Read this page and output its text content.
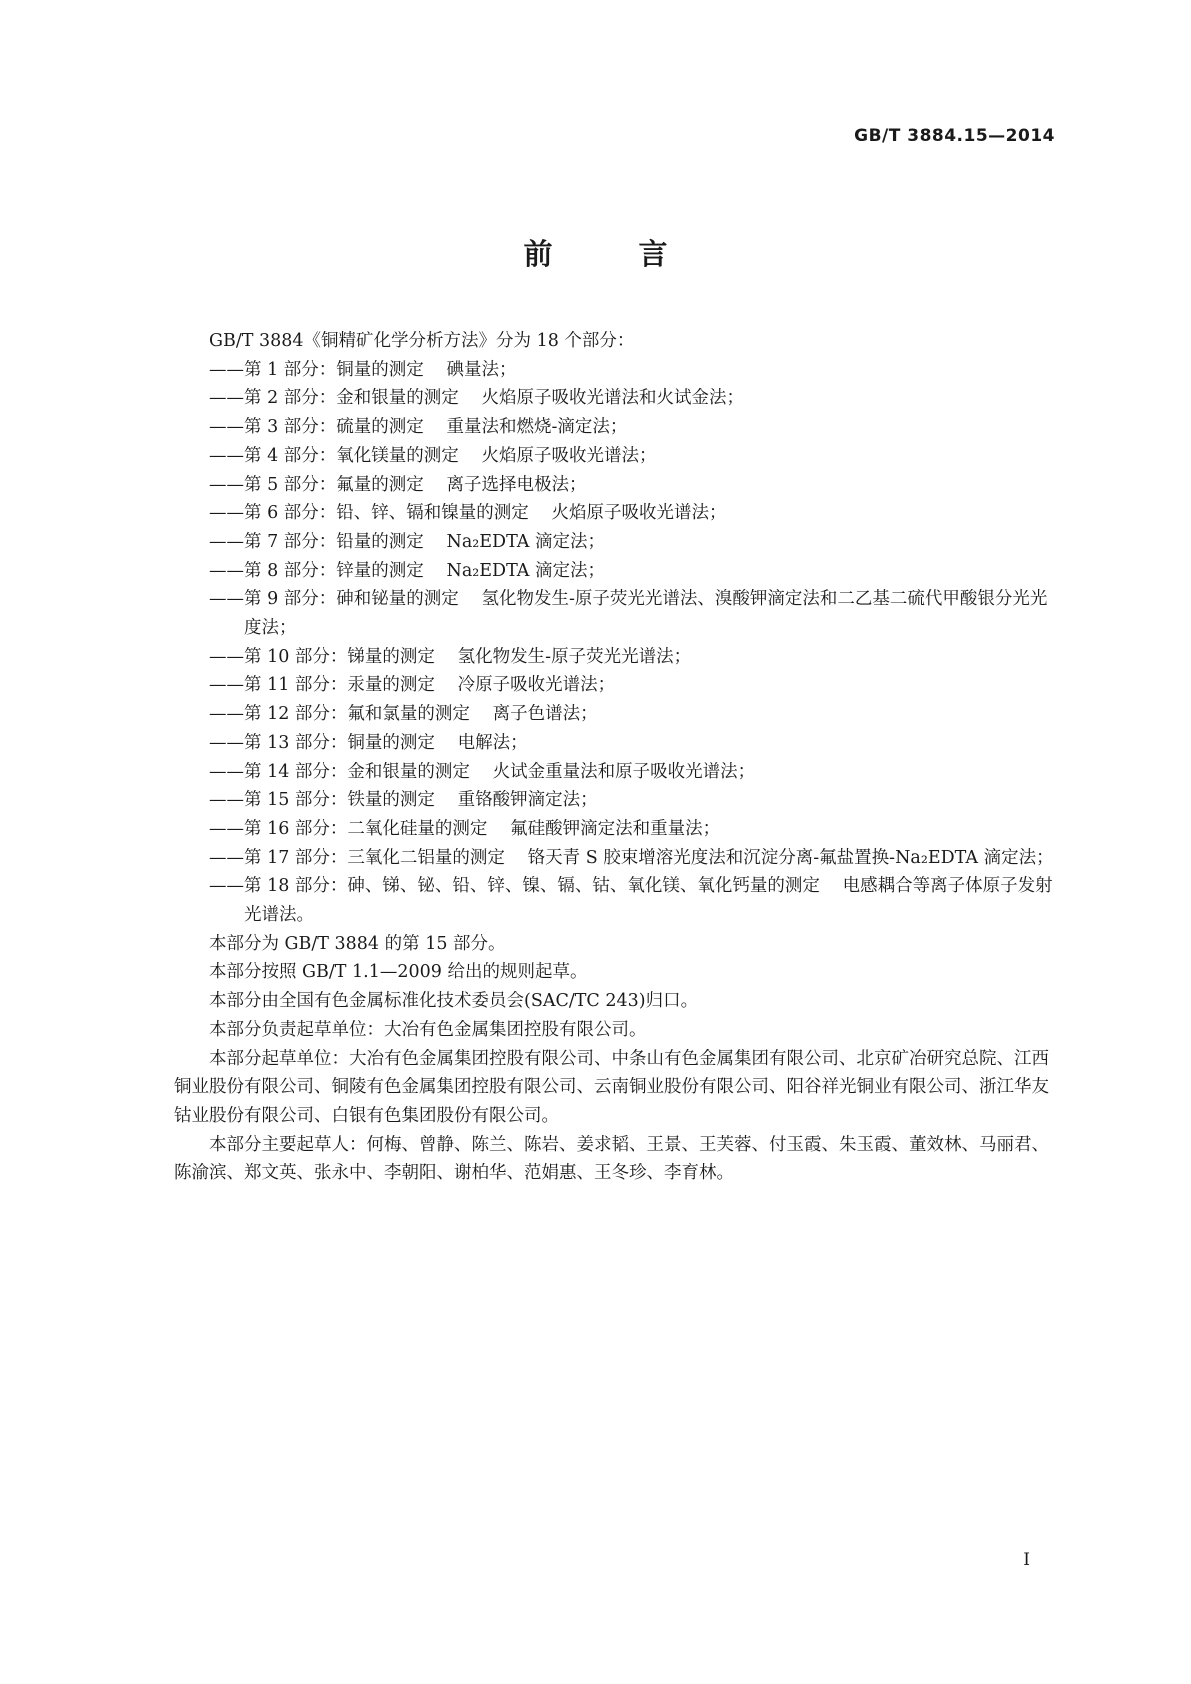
GB/T 3884.15—2014
前 言

GB/T 3884《铜精矿化学分析方法》分为 18 个部分：

——第 1 部分：铜量的测定 碘量法；
——第 2 部分：金和银量的测定 火焰原子吸收光谱法和火试金法；
——第 3 部分：硫量的测定 重量法和燃烧-滴定法；
——第 4 部分：氧化镁量的测定 火焰原子吸收光谱法；
——第 5 部分：氟量的测定 离子选择电极法；
——第 6 部分：铅、锌、镉和镍量的测定 火焰原子吸收光谱法；
——第 7 部分：铅量的测定 Na₂EDTA 滴定法；
——第 8 部分：锌量的测定 Na₂EDTA 滴定法；
——第 9 部分：砷和铋量的测定 氢化物发生-原子荧光光谱法、溴酸钾滴定法和二乙基二硫代甲酸银分光光度法；
——第 10 部分：锑量的测定 氢化物发生-原子荧光光谱法；
——第 11 部分：汞量的测定 冷原子吸收光谱法；
——第 12 部分：氟和氯量的测定 离子色谱法；
——第 13 部分：铜量的测定 电解法；
——第 14 部分：金和银量的测定 火试金重量法和原子吸收光谱法；
——第 15 部分：铁量的测定 重铬酸钾滴定法；
——第 16 部分：二氧化硅量的测定 氟硅酸钾滴定法和重量法；
——第 17 部分：三氧化二铝量的测定 铬天青 S 胶束增溶光度法和沉淀分离-氟盐置换-Na₂EDTA 滴定法；
——第 18 部分：砷、锑、铋、铅、锌、镍、镉、钴、氧化镁、氧化钙量的测定 电感耦合等离子体原子发射光谱法。

本部分为 GB/T 3884 的第 15 部分。

本部分按照 GB/T 1.1—2009 给出的规则起草。

本部分由全国有色金属标准化技术委员会(SAC/TC 243)归口。

本部分负责起草单位：大冶有色金属集团控股有限公司。

本部分起草单位：大冶有色金属集团控股有限公司、中条山有色金属集团有限公司、北京矿冶研究总院、江西铜业股份有限公司、铜陵有色金属集团控股有限公司、云南铜业股份有限公司、阳谷祥光铜业有限公司、浙江华友钴业股份有限公司、白银有色集团股份有限公司。

本部分主要起草人：何梅、曾静、陈兰、陈岩、姜求韬、王景、王芙蓉、付玉霞、朱玉霞、董效林、马丽君、陈渝滨、郑文英、张永中、李朝阳、谢柏华、范娟惠、王冬珍、李育林。

I
